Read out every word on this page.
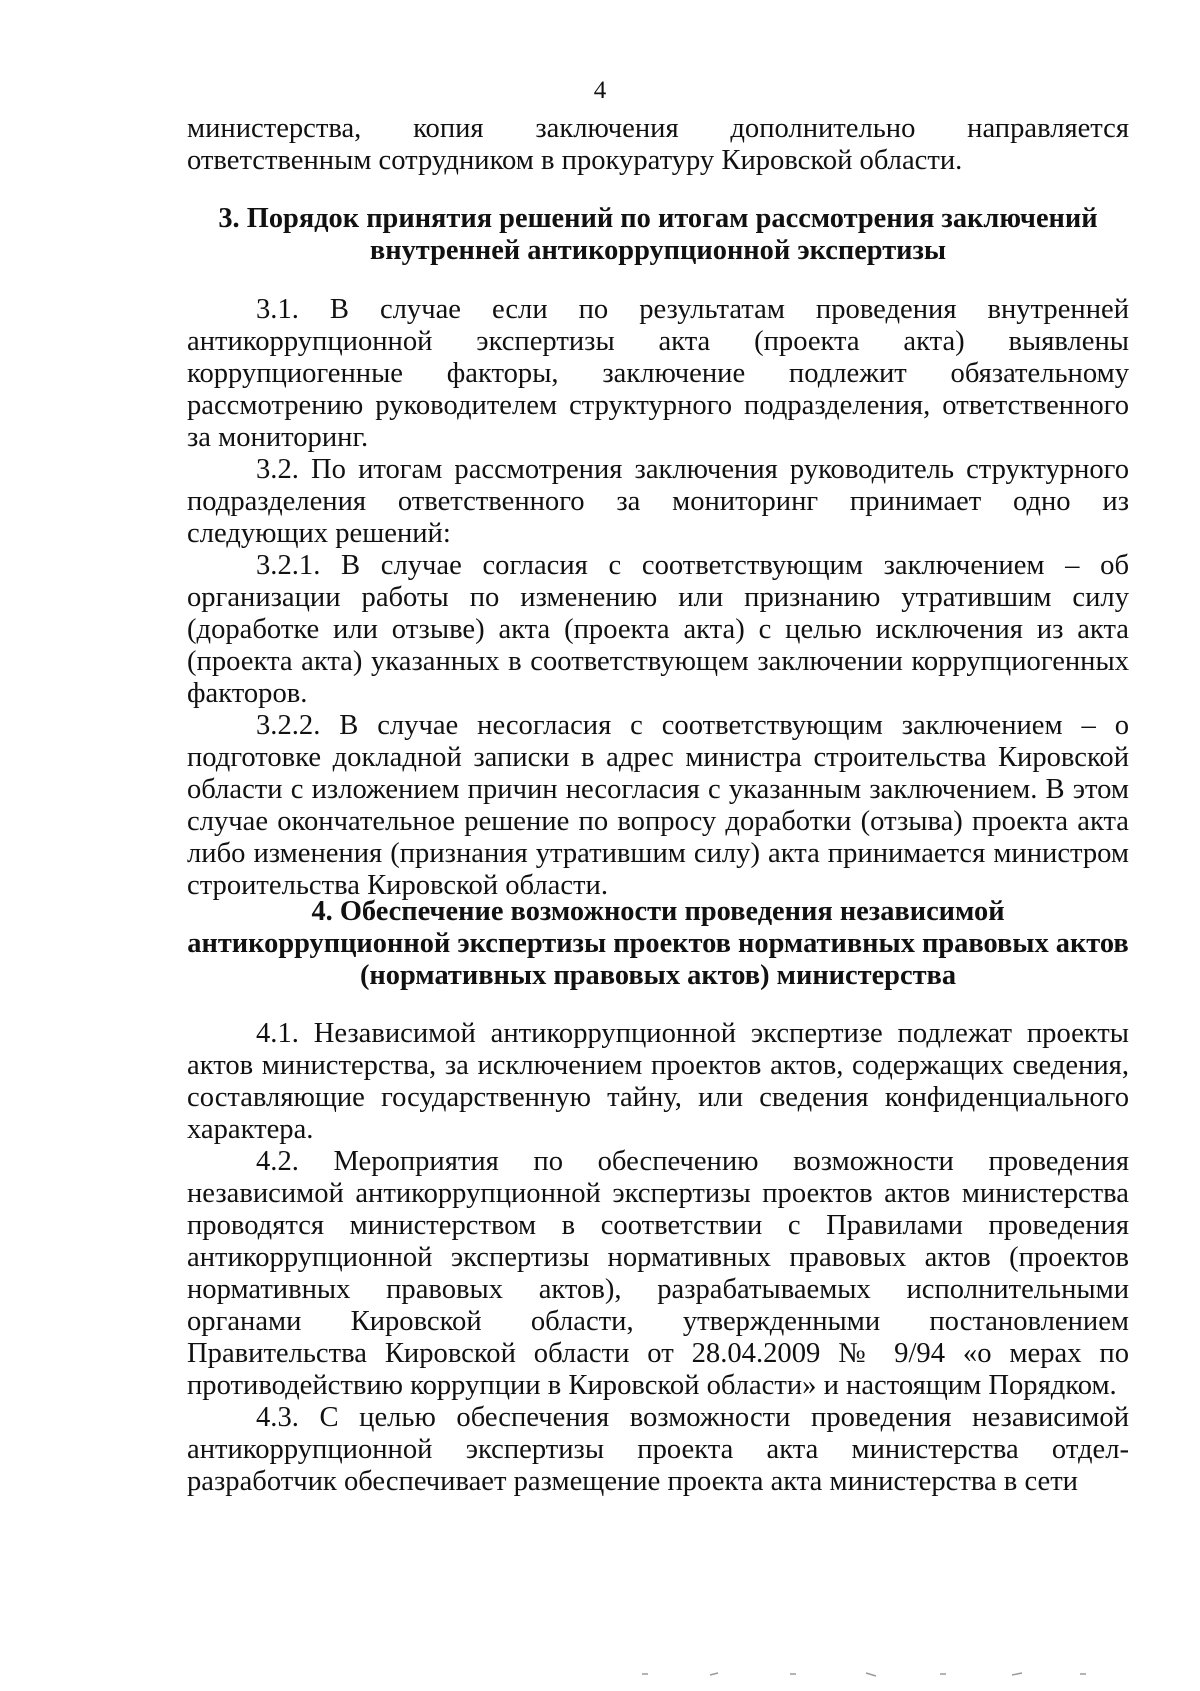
4

министерства, копия заключения дополнительно направляется ответственным сотрудником в прокуратуру Кировской области.

3. Порядок принятия решений по итогам рассмотрения заключений

внутренней антикоррупционной экспертизы

3.1. В случае если по результатам проведения внутренней антикоррупционной экспертизы акта (проекта акта) выявлены коррупциогенные факторы, заключение подлежит обязательному рассмотрению руководителем структурного подразделения, ответственного за мониторинг.

3.2. По итогам рассмотрения заключения руководитель структурного подразделения ответственного за мониторинг принимает одно из следующих решений:

3.2.1. В случае согласия с соответствующим заключением – об организации работы по изменению или признанию утратившим силу (доработке или отзыве) акта (проекта акта) с целью исключения из акта (проекта акта) указанных в соответствующем заключении коррупциогенных факторов.

3.2.2. В случае несогласия с соответствующим заключением – о подготовке докладной записки в адрес министра строительства Кировской области с изложением причин несогласия с указанным заключением. В этом случае окончательное решение по вопросу доработки (отзыва) проекта акта либо изменения (признания утратившим силу) акта принимается министром строительства Кировской области.

4. Обеспечение возможности проведения независимой

антикоррупционной экспертизы проектов нормативных правовых актов

(нормативных правовых актов) министерства

4.1. Независимой антикоррупционной экспертизе подлежат проекты актов министерства, за исключением проектов актов, содержащих сведения, составляющие государственную тайну, или сведения конфиденциального характера.

4.2. Мероприятия по обеспечению возможности проведения независимой антикоррупционной экспертизы проектов актов министерства проводятся министерством в соответствии с Правилами проведения антикоррупционной экспертизы нормативных правовых актов (проектов нормативных правовых актов), разрабатываемых исполнительными органами Кировской области, утвержденными постановлением Правительства Кировской области от 28.04.2009 № 9/94 «о мерах по противодействию коррупции в Кировской области» и настоящим Порядком.

4.3. С целью обеспечения возможности проведения независимой антикоррупционной экспертизы проекта акта министерства отдел-разработчик обеспечивает размещение проекта акта министерства в сети
